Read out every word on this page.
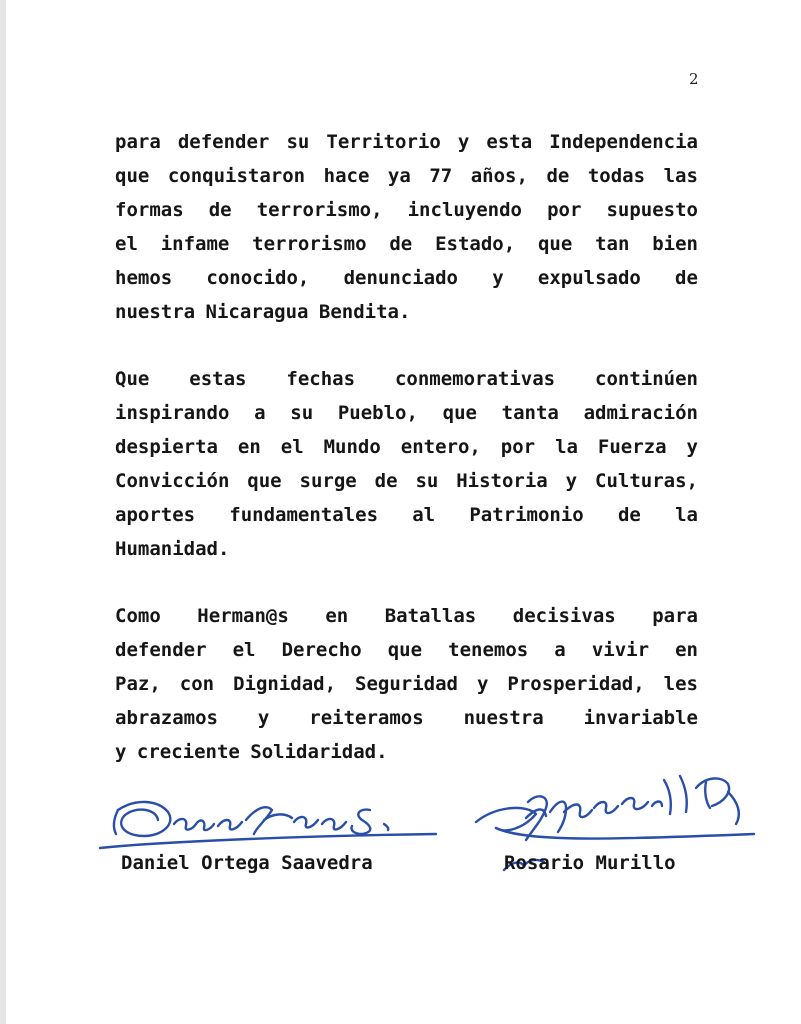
2
para defender su Territorio y esta Independencia
que conquistaron hace ya 77 años, de todas las
formas de terrorismo, incluyendo por supuesto
el infame terrorismo de Estado, que tan bien
hemos conocido, denunciado y expulsado de
nuestra Nicaragua Bendita.
Que estas fechas conmemorativas continúen
inspirando a su Pueblo, que tanta admiración
despierta en el Mundo entero, por la Fuerza y
Convicción que surge de su Historia y Culturas,
aportes fundamentales al Patrimonio de la
Humanidad.
Como Herman@s en Batallas decisivas para
defender el Derecho que tenemos a vivir en
Paz, con Dignidad, Seguridad y Prosperidad, les
abrazamos y reiteramos nuestra invariable
y creciente Solidaridad.
Daniel Ortega Saavedra	Rosario Murillo
